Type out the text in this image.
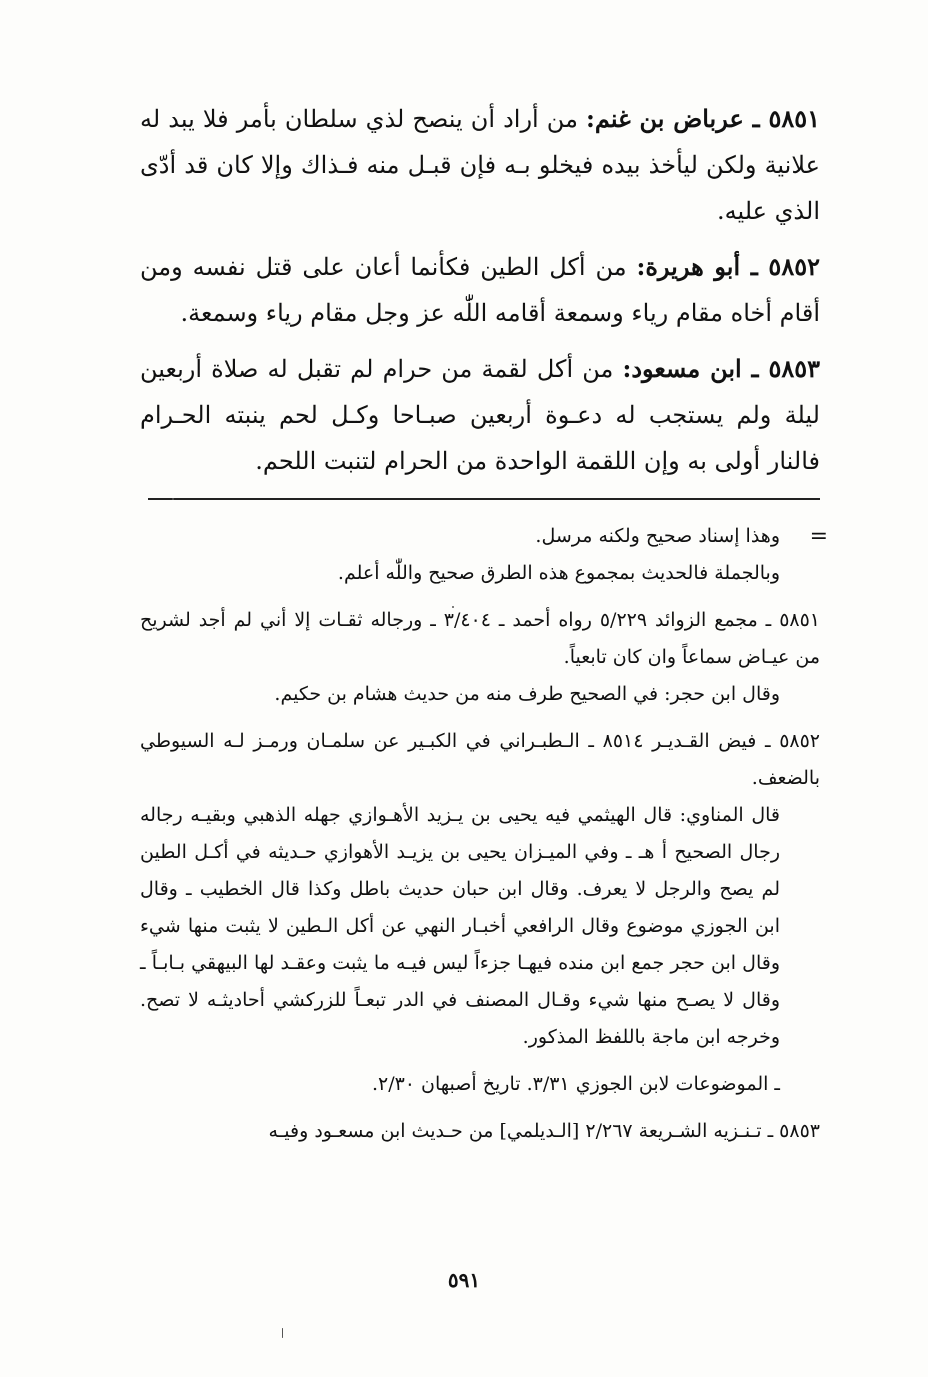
٥٨٥١ ـ عرباض بن غنم: من أراد أن ينصح لذي سلطان بأمر فلا يبد له علانية ولكن ليأخذ بيده فيخلو بـه فإن قبـل منه فـذاك وإلا كان قد أدّى الذي عليه.

٥٨٥٢ ـ أبو هريرة: من أكل الطين فكأنما أعان على قتل نفسه ومن أقام أخاه مقام رياء وسمعة أقامه اللّٰه عز وجل مقام رياء وسمعة.

٥٨٥٣ ـ ابن مسعود: من أكل لقمة من حرام لم تقبل له صلاة أربعين ليلة ولم يستجب له دعـوة أربعين صبـاحا وكـل لحم ينبته الحـرام فالنار أولى به وإن اللقمة الواحدة من الحرام لتنبت اللحم.

=

وهذا إسناد صحيح ولكنه مرسل.

وبالجملة فالحديث بمجموع هذه الطرق صحيح واللّٰه أعلم.

٥٨٥١ ـ مجمع الزوائد ٥/٢٢٩ رواه أحمد ـ ٣/٤٠٤ ـ ورجاله ثقـات إلا أني لم أجد لشريح من عيـاض سماعاً وان كان تابعياً.

وقال ابن حجر: في الصحيح طرف منه من حديث هشام بن حكيم.

٥٨٥٢ ـ فيض القـديـر ٨٥١٤ ـ الـطبـراني في الكبـير عن سلمـان ورمـز لـه السيوطي بالضعف.

قال المناوي: قال الهيثمي فيه يحيى بن يـزيد الأهـوازي جهله الذهبي وبقيـه رجاله رجال الصحيح أ هـ ـ وفي الميـزان يحيى بن يزيـد الأهوازي حـديثه في أكـل الطين لم يصح والرجل لا يعرف. وقال ابن حبان حديث باطل وكذا قال الخطيب ـ وقال ابن الجوزي موضوع وقال الرافعي أخبـار النهي عن أكل الـطين لا يثبت منها شيء وقال ابن حجر جمع ابن منده فيهـا جزءاً ليس فيـه ما يثبت وعقـد لها البيهقي بـابـاً ـ وقال لا يصـح منها شيء وقـال المصنف في الدر تبعـاً للزركشي أحاديثـه لا تصح. وخرجه ابن ماجة باللفظ المذكور.

ـ الموضوعات لابن الجوزي ٣/٣١. تاريخ أصبهان ٢/٣٠.

٥٨٥٣ ـ تـنـزيه الشـريعة ٢/٢٦٧ [الـديلمي] من حـديث ابن مسعـود وفيـه

٥٩١
